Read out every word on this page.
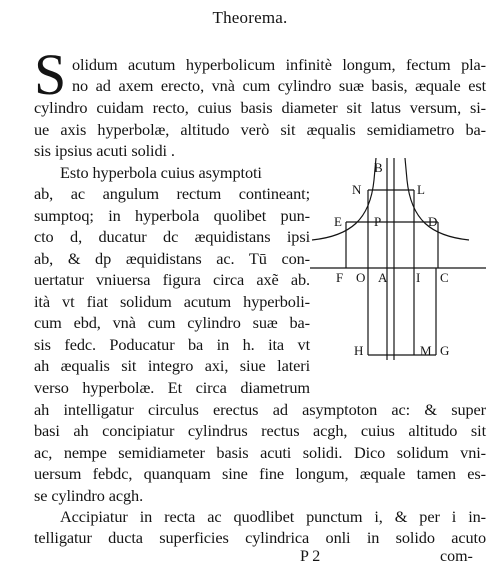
Theorema.
S olidum acutum hyperbolicum infinitè longum, fectum pla-
no ad axem erecto, vnà cum cylindro suæ basis, æquale est
cylindro cuidam recto, cuius basis diameter sit latus versum, si-
ue axis hyperbolæ, altitudo verò sit æqualis semidiametro ba-
sis ipsius acuti solidi .
Esto hyperbola cuius asymptoti
ab, ac angulum rectum contineant;
sumptoq; in hyperbola quolibet pun-
cto d, ducatur dc æquidistans ipsi
ab, & dp æquidistans ac. Tū con-
uertatur vniuersa figura circa axẽ ab.
ità vt fiat solidum acutum hyperboli-
cum ebd, vnà cum cylindro suæ ba-
sis fedc. Poducatur ba in h. ita vt
ah æqualis sit integro axi, siue lateri
verso hyperbolæ. Et circa diametrum
ah intelligatur circulus erectus ad asymptoton ac: & super
basi ah concipiatur cylindrus rectus acgh, cuius altitudo sit
ac, nempe semidiameter basis acuti solidi. Dico solidum vni-
uersum febdc, quanquam sine fine longum, æquale tamen es-
se cylindro acgh.
Accipiatur in recta ac quodlibet punctum i, & per i in-
telligatur ducta superficies cylindrica onli in solido acuto
P 2	com-
B
N	L
E P	D
F O A I C
H	M G
